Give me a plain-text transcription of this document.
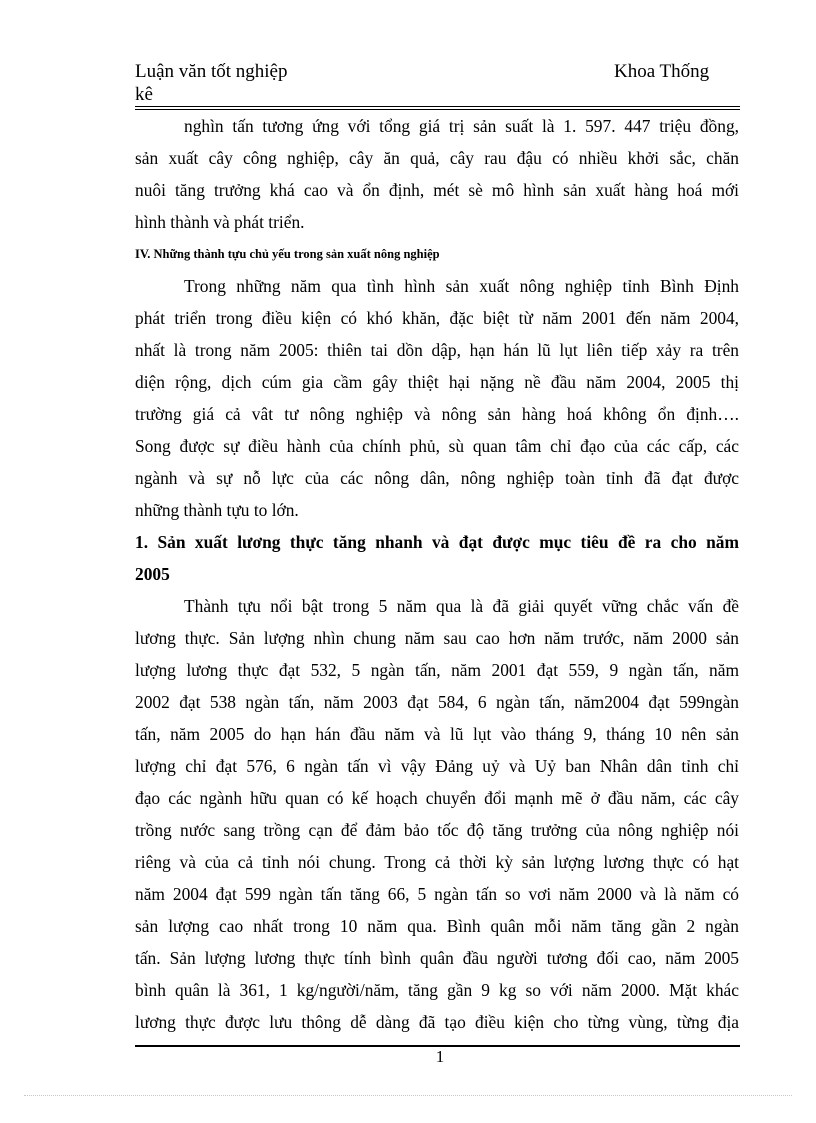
Luận văn tốt nghiệp
kê
Khoa Thống

nghìn tấn tương ứng với tổng giá trị sản suất là 1. 597. 447 triệu đồng,

sản xuất cây công nghiệp, cây ăn quả, cây rau đậu có nhiều khởi sắc, chăn

nuôi tăng trưởng khá cao và ổn định, mét sè mô hình sản xuất hàng hoá mới

hình thành và phát triển.

IV. Những thành tựu chủ yếu trong sản xuất nông nghiệp

Trong những năm qua tình hình sản xuất nông nghiệp tỉnh Bình Định

phát triển trong điều kiện có khó khăn, đặc biệt từ năm 2001 đến năm 2004,

nhất là trong năm 2005: thiên tai dồn dập, hạn hán lũ lụt liên tiếp xảy ra trên

diện rộng, dịch cúm gia cầm gây thiệt hại nặng nề đầu năm 2004, 2005 thị

trường giá cả vât tư nông nghiệp và nông sản hàng hoá không ổn định….

Song được sự điều hành của chính phủ, sù quan tâm chỉ đạo của các cấp, các

ngành và sự nỗ lực của các nông dân, nông nghiệp toàn tỉnh đã đạt được

những thành tựu to lớn.

1. Sản xuất lương thực tăng nhanh và đạt được mục tiêu đề ra cho năm

2005

Thành tựu nổi bật trong 5 năm qua là đã giải quyết vững chắc vấn đề

lương thực. Sản lượng nhìn chung năm sau cao hơn năm trước, năm 2000 sản

lượng lương thực đạt 532, 5 ngàn tấn, năm 2001 đạt 559, 9 ngàn tấn, năm

2002 đạt 538 ngàn tấn, năm 2003 đạt 584, 6 ngàn tấn, năm2004 đạt 599ngàn

tấn, năm 2005 do hạn hán đầu năm và lũ lụt vào tháng 9, tháng 10 nên sản

lượng chỉ đạt 576, 6 ngàn tấn vì vậy Đảng uỷ và Uỷ ban Nhân dân tỉnh chỉ

đạo các ngành hữu quan có kế hoạch chuyển đổi mạnh mẽ ở đầu năm, các cây

trồng nước sang trồng cạn để đảm bảo tốc độ tăng trưởng của nông nghiệp nói

riêng và của cả tỉnh nói chung. Trong cả thời kỳ sản lượng lương thực có hạt

năm 2004 đạt 599 ngàn tấn tăng 66, 5 ngàn tấn so vơi năm 2000 và là năm có

sản lượng cao nhất trong 10 năm qua. Bình quân mỗi năm tăng gần 2 ngàn

tấn. Sản lượng lương thực tính bình quân đầu người tương đối cao, năm 2005

bình quân là 361, 1 kg/người/năm, tăng gần 9 kg so với năm 2000. Mặt khác

lương thực được lưu thông dễ dàng đã tạo điều kiện cho từng vùng, từng địa

1
